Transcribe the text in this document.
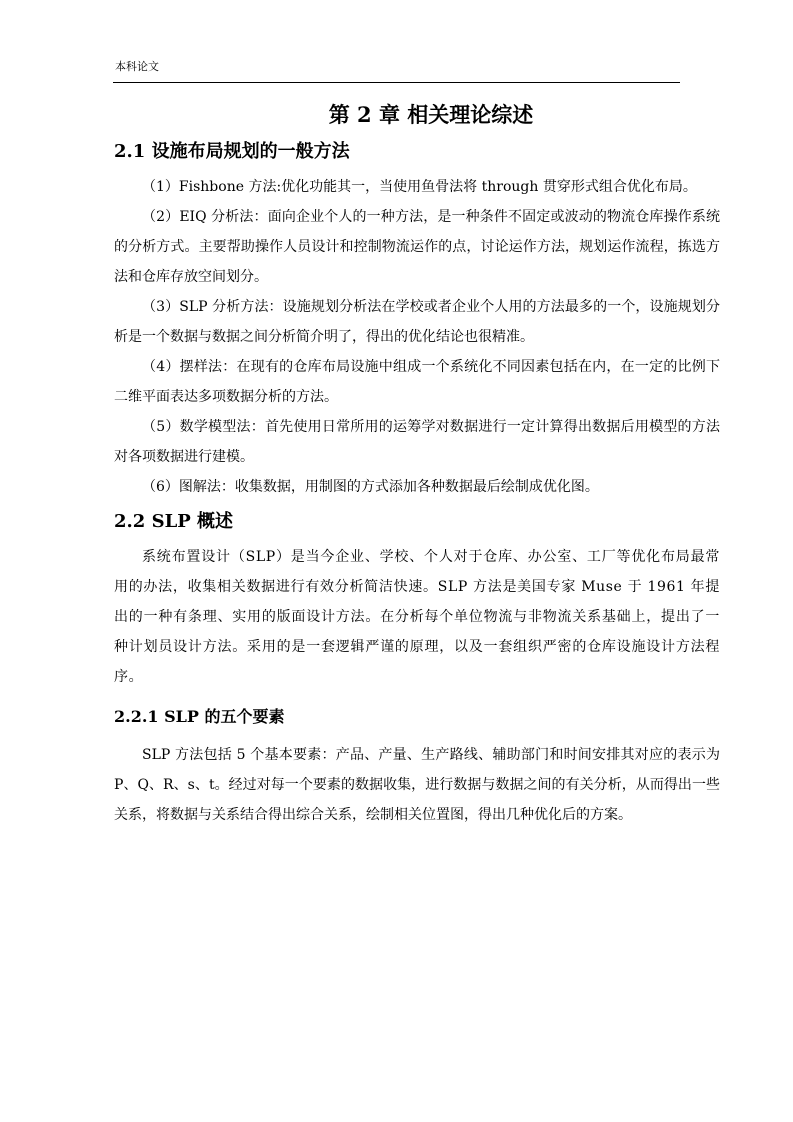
本科论文
第 2 章 相关理论综述
2.1 设施布局规划的一般方法

（1）Fishbone 方法:优化功能其一，当使用鱼骨法将 through 贯穿形式组合优化布局。

（2）EIQ 分析法：面向企业个人的一种方法，是一种条件不固定或波动的物流仓库操作系统的分析方式。主要帮助操作人员设计和控制物流运作的点，讨论运作方法，规划运作流程，拣选方法和仓库存放空间划分。

（3）SLP 分析方法：设施规划分析法在学校或者企业个人用的方法最多的一个，设施规划分析是一个数据与数据之间分析简介明了，得出的优化结论也很精准。

（4）摆样法：在现有的仓库布局设施中组成一个系统化不同因素包括在内，在一定的比例下二维平面表达多项数据分析的方法。

（5）数学模型法：首先使用日常所用的运筹学对数据进行一定计算得出数据后用模型的方法对各项数据进行建模。

（6）图解法：收集数据，用制图的方式添加各种数据最后绘制成优化图。

2.2 SLP 概述

系统布置设计（SLP）是当今企业、学校、个人对于仓库、办公室、工厂等优化布局最常用的办法，收集相关数据进行有效分析简洁快速。SLP 方法是美国专家 Muse 于 1961 年提出的一种有条理、实用的版面设计方法。在分析每个单位物流与非物流关系基础上，提出了一种计划员设计方法。采用的是一套逻辑严谨的原理，以及一套组织严密的仓库设施设计方法程序。

2.2.1 SLP 的五个要素

SLP 方法包括 5 个基本要素：产品、产量、生产路线、辅助部门和时间安排其对应的表示为 P、Q、R、s、t。经过对每一个要素的数据收集，进行数据与数据之间的有关分析，从而得出一些关系，将数据与关系结合得出综合关系，绘制相关位置图，得出几种优化后的方案。
